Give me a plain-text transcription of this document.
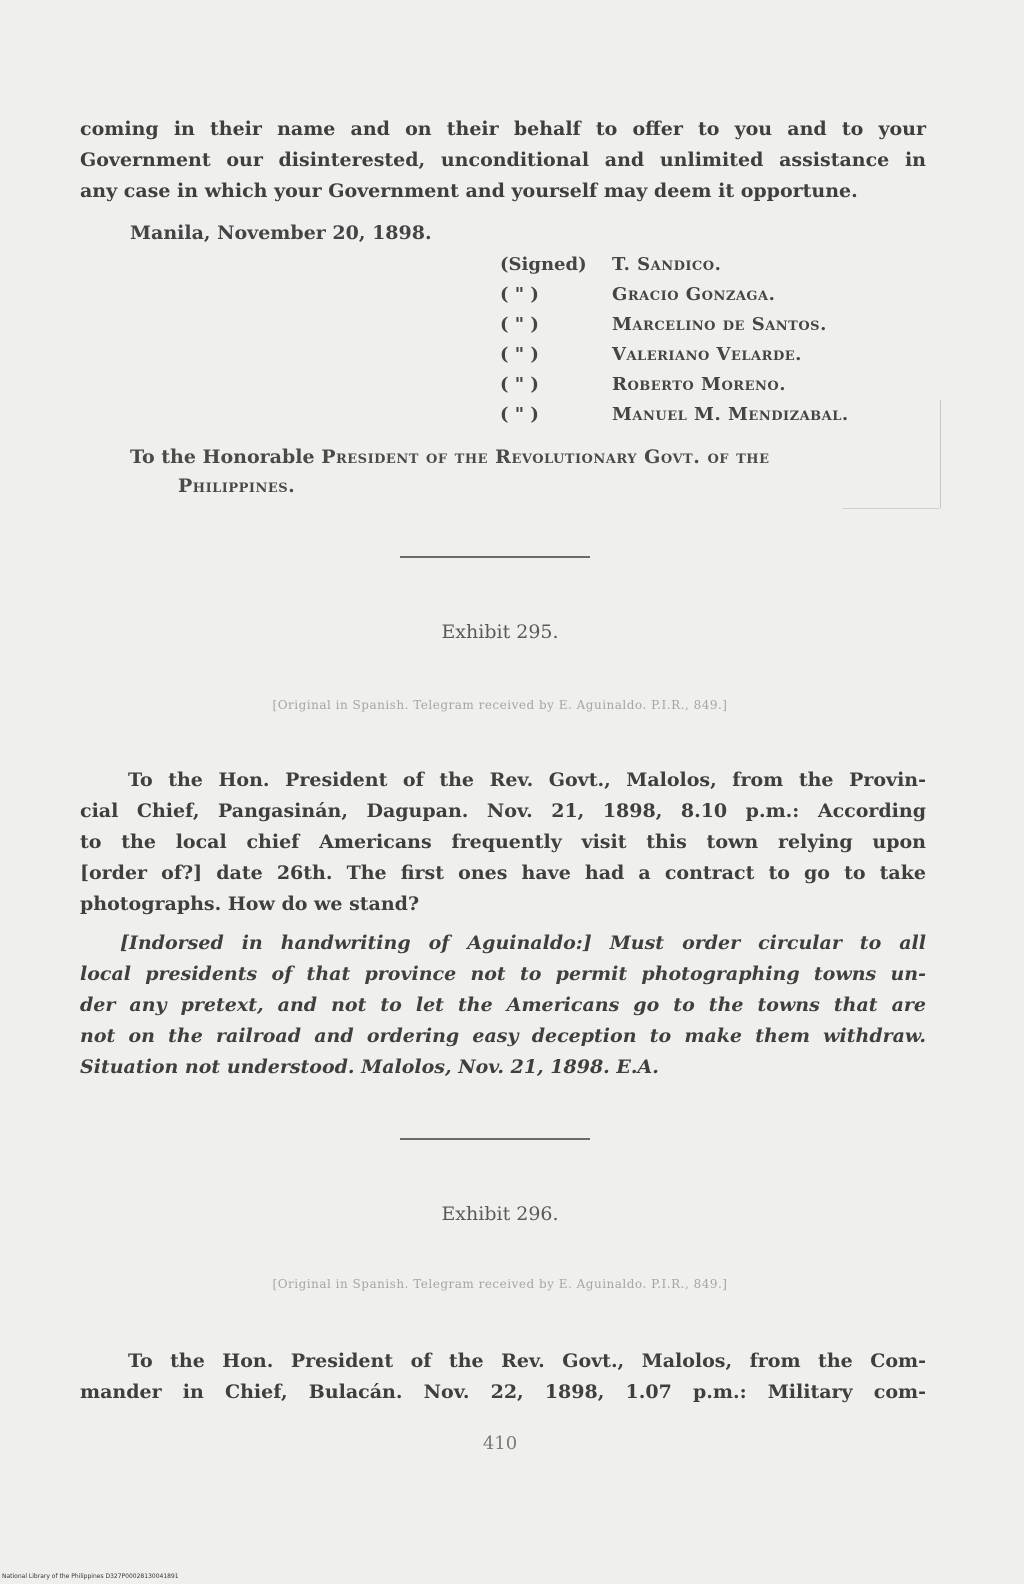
coming in their name and on their behalf to offer to you and to your
Government our disinterested, unconditional and unlimited assistance in
any case in which your Government and yourself may deem it opportune.
Manila, November 20, 1898.
(Signed)	T. Sandico.
( " )	Gracio Gonzaga.
( " )	Marcelino de Santos.
( " )	Valeriano Velarde.
( " )	Roberto Moreno.
( " )	Manuel M. Mendizabal.
To the Honorable President of the Revolutionary Govt. of the
Philippines.
Exhibit 295.
[Original in Spanish. Telegram received by E. Aguinaldo. P.I.R., 849.]
To the Hon. President of the Rev. Govt., Malolos, from the Provin-
cial Chief, Pangasinán, Dagupan. Nov. 21, 1898, 8.10 p.m.: According
to the local chief Americans frequently visit this town relying upon
[order of?] date 26th. The first ones have had a contract to go to take
photographs. How do we stand?
[Indorsed in handwriting of Aguinaldo:] Must order circular to all
local presidents of that province not to permit photographing towns un-
der any pretext, and not to let the Americans go to the towns that are
not on the railroad and ordering easy deception to make them withdraw.
Situation not understood. Malolos, Nov. 21, 1898. E.A.
Exhibit 296.
[Original in Spanish. Telegram received by E. Aguinaldo. P.I.R., 849.]
To the Hon. President of the Rev. Govt., Malolos, from the Com-
mander in Chief, Bulacán. Nov. 22, 1898, 1.07 p.m.: Military com-
410
National Library of the Philippines D327P00028130041891
